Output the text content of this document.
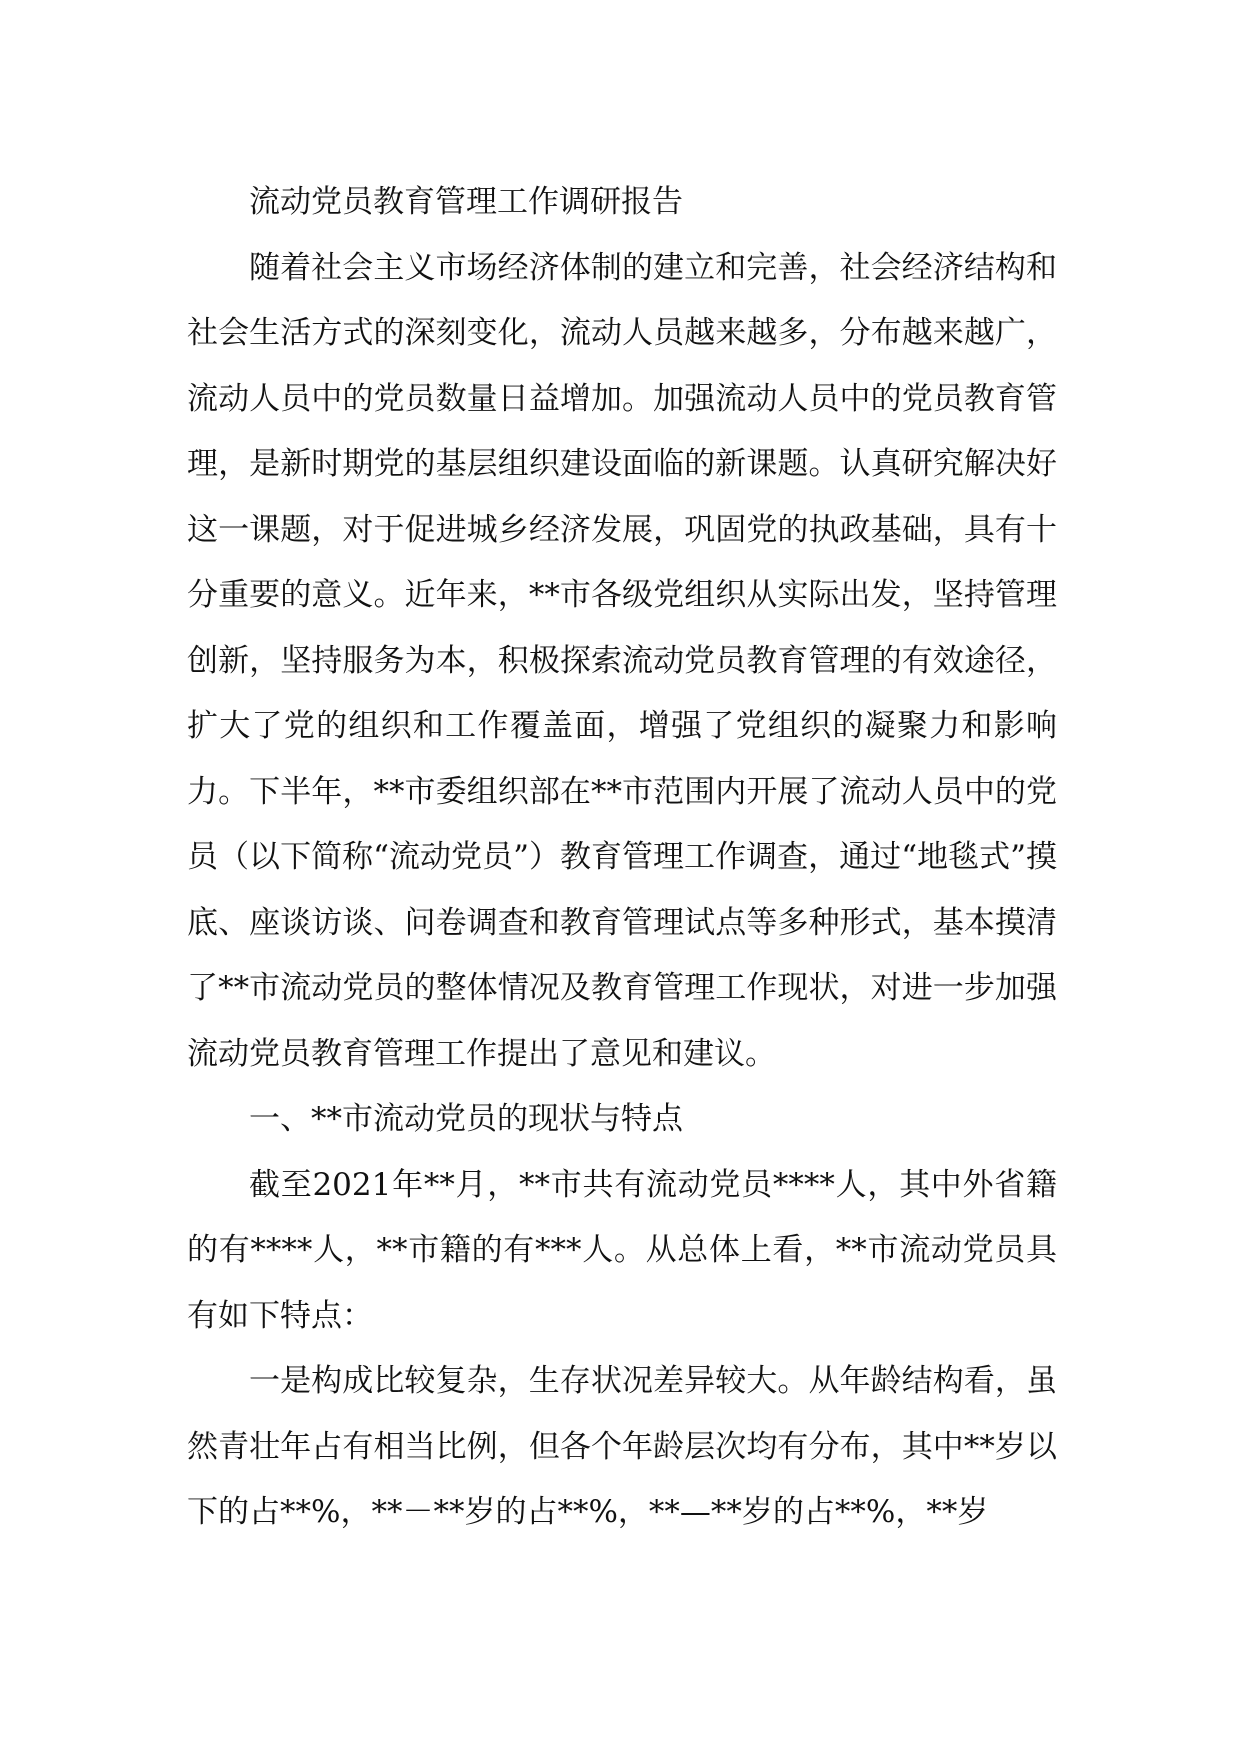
流动党员教育管理工作调研报告

随着社会主义市场经济体制的建立和完善，社会经济结构和社会生活方式的深刻变化，流动人员越来越多，分布越来越广，流动人员中的党员数量日益增加。加强流动人员中的党员教育管理，是新时期党的基层组织建设面临的新课题。认真研究解决好这一课题，对于促进城乡经济发展，巩固党的执政基础，具有十分重要的意义。近年来，**市各级党组织从实际出发，坚持管理创新，坚持服务为本，积极探索流动党员教育管理的有效途径，扩大了党的组织和工作覆盖面，增强了党组织的凝聚力和影响力。下半年，**市委组织部在**市范围内开展了流动人员中的党员（以下简称“流动党员”）教育管理工作调查，通过“地毯式”摸底、座谈访谈、问卷调查和教育管理试点等多种形式，基本摸清了**市流动党员的整体情况及教育管理工作现状，对进一步加强流动党员教育管理工作提出了意见和建议。

一、**市流动党员的现状与特点

截至2021年**月，**市共有流动党员****人，其中外省籍的有****人，**市籍的有***人。从总体上看，**市流动党员具有如下特点：

一是构成比较复杂，生存状况差异较大。从年龄结构看，虽然青壮年占有相当比例，但各个年龄层次均有分布，其中**岁以下的占**%，**－**岁的占**%，**—**岁的占**%，**岁
